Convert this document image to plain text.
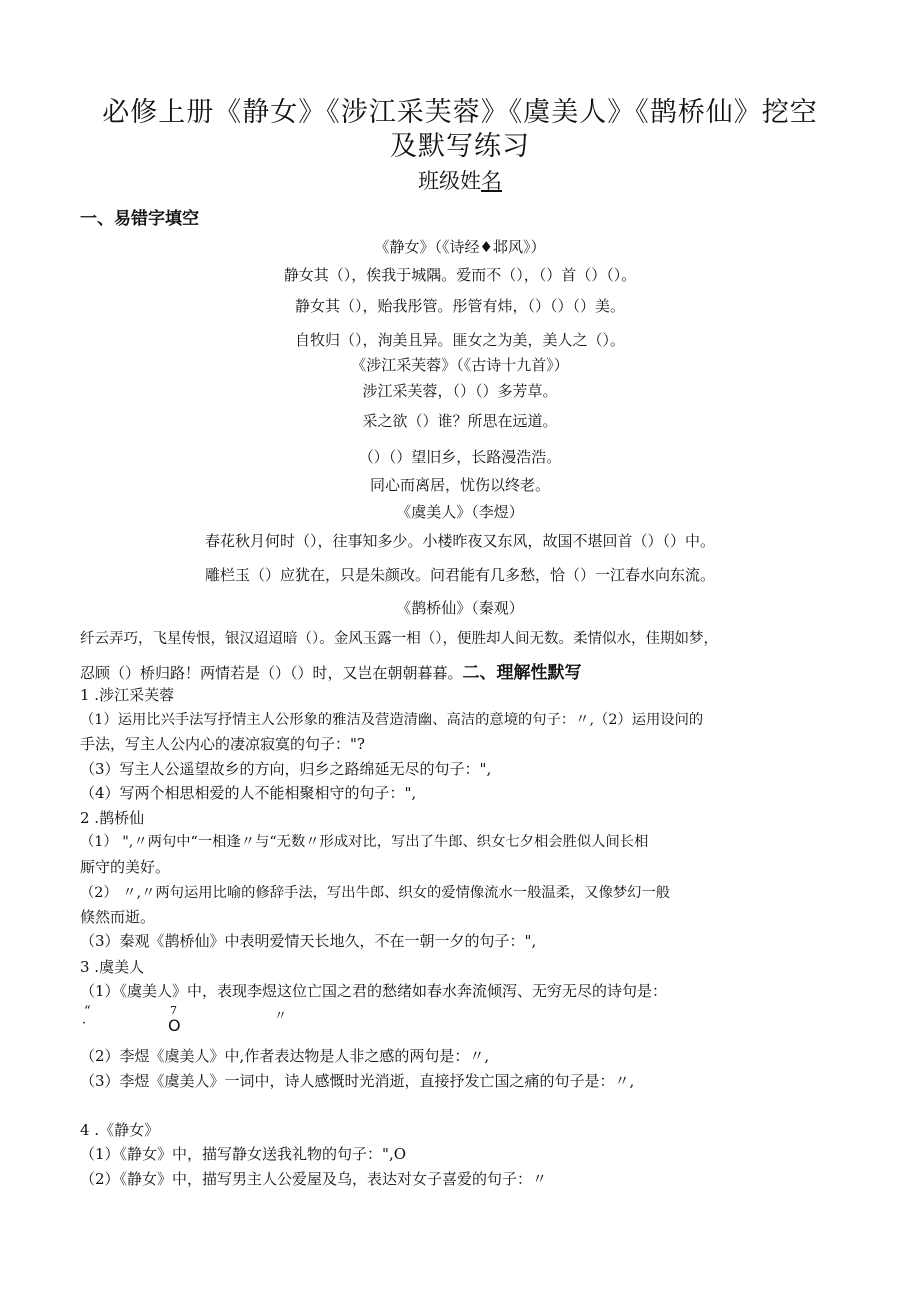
必修上册《静女》《涉江采芙蓉》《虞美人》《鹊桥仙》挖空
及默写练习
班级姓名
一、易错字填空
《静女》（《诗经♦邶风》）
静女其（），俟我于城隅。爱而不（），（）首（）（）。
静女其（），贻我彤管。彤管有炜，（）（）（）美。
自牧归（），洵美且异。匪女之为美，美人之（）。
《涉江采芙蓉》（《古诗十九首》）
涉江采芙蓉，（）（）多芳草。
采之欲（）谁？所思在远道。
（）（）望旧乡，长路漫浩浩。
同心而离居，忧伤以终老。
《虞美人》（李煜）
春花秋月何时（），往事知多少。小楼昨夜又东风，故国不堪回首（）（）中。
雕栏玉（）应犹在，只是朱颜改。问君能有几多愁，恰（）一江春水向东流。
《鹊桥仙》（秦观）
纤云弄巧，飞星传恨，银汉迢迢暗（）。金风玉露一相（），便胜却人间无数。柔情似水，佳期如梦，
忍顾（）桥归路！两情若是（）（）时，又岂在朝朝暮暮。二、理解性默写
1 .涉江采芙蓉
（1）运用比兴手法写抒情主人公形象的雅洁及营造清幽、高洁的意境的句子：〃,（2）运用设问的
手法，写主人公内心的凄凉寂寞的句子："?
（3）写主人公遥望故乡的方向，归乡之路绵延无尽的句子：",
（4）写两个相思相爱的人不能相聚相守的句子：",
2 .鹊桥仙
（1） ",〃两句中“一相逢〃与“无数〃形成对比，写出了牛郎、织女七夕相会胜似人间长相
厮守的美好。
（2） 〃,〃两句运用比喻的修辞手法，写出牛郎、织女的爱情像流水一般温柔，又像梦幻一般
倏然而逝。
（3）秦观《鹊桥仙》中表明爱情天长地久，不在一朝一夕的句子：",
3 .虞美人
（1）《虞美人》中，表现李煜这位亡国之君的愁绪如春水奔流倾泻、无穷无尽的诗句是：
“	7	〃
O
·
（2）李煜《虞美人》中,作者表达物是人非之感的两句是：〃,
（3）李煜《虞美人》一词中，诗人感慨时光消逝，直接抒发亡国之痛的句子是：〃,
4 .《静女》
（1）《静女》中，描写静女送我礼物的句子：",O
（2）《静女》中，描写男主人公爱屋及乌，表达对女子喜爱的句子：〃
